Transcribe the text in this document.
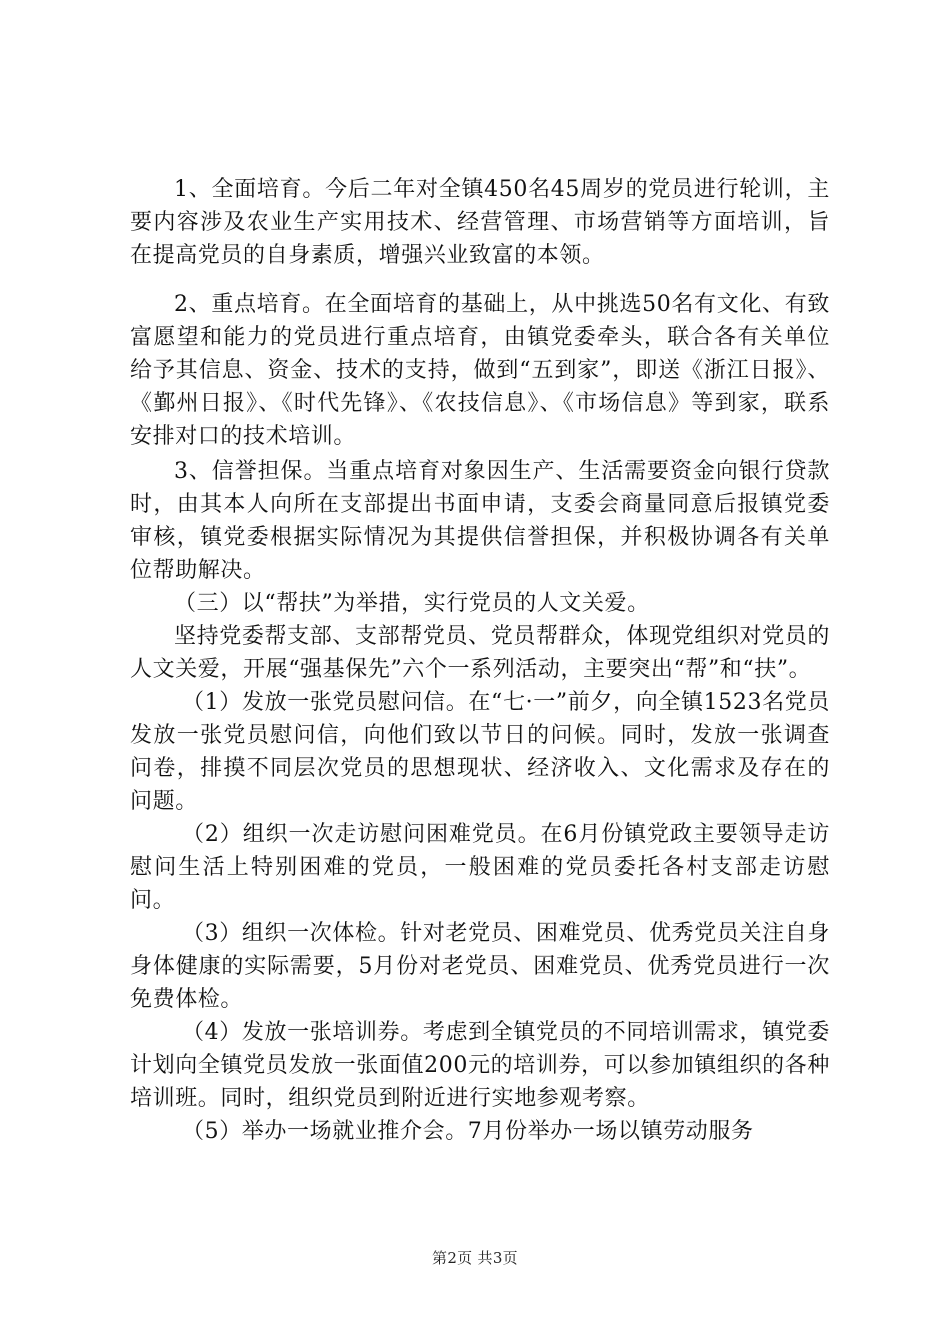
1、全面培育。今后二年对全镇450名45周岁的党员进行轮训，主要内容涉及农业生产实用技术、经营管理、市场营销等方面培训，旨在提高党员的自身素质，增强兴业致富的本领。

2、重点培育。在全面培育的基础上，从中挑选50名有文化、有致富愿望和能力的党员进行重点培育，由镇党委牵头，联合各有关单位给予其信息、资金、技术的支持，做到“五到家”，即送《浙江日报》、《鄞州日报》、《时代先锋》、《农技信息》、《市场信息》等到家，联系安排对口的技术培训。

3、信誉担保。当重点培育对象因生产、生活需要资金向银行贷款时，由其本人向所在支部提出书面申请，支委会商量同意后报镇党委审核，镇党委根据实际情况为其提供信誉担保，并积极协调各有关单位帮助解决。

（三）以“帮扶”为举措，实行党员的人文关爱。

坚持党委帮支部、支部帮党员、党员帮群众，体现党组织对党员的人文关爱，开展“强基保先”六个一系列活动，主要突出“帮”和“扶”。

（1）发放一张党员慰问信。在“七·一”前夕，向全镇1523名党员发放一张党员慰问信，向他们致以节日的问候。同时，发放一张调查问卷，排摸不同层次党员的思想现状、经济收入、文化需求及存在的问题。

（2）组织一次走访慰问困难党员。在6月份镇党政主要领导走访慰问生活上特别困难的党员，一般困难的党员委托各村支部走访慰问。

（3）组织一次体检。针对老党员、困难党员、优秀党员关注自身身体健康的实际需要，5月份对老党员、困难党员、优秀党员进行一次免费体检。

（4）发放一张培训券。考虑到全镇党员的不同培训需求，镇党委计划向全镇党员发放一张面值200元的培训券，可以参加镇组织的各种培训班。同时，组织党员到附近进行实地参观考察。

（5）举办一场就业推介会。7月份举办一场以镇劳动服务

第2页 共3页
